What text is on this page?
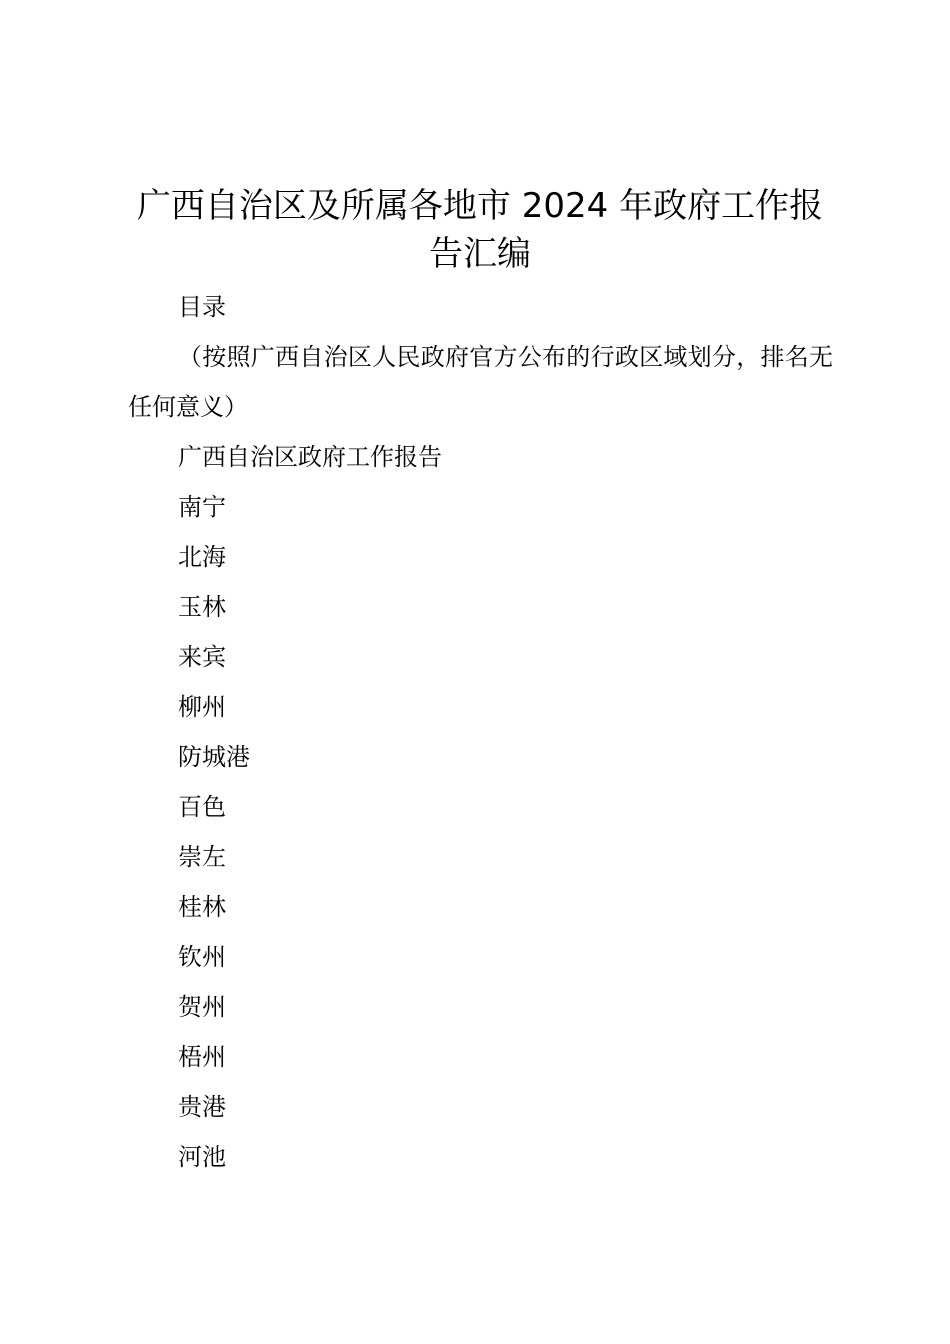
广西自治区及所属各地市 2024 年政府工作报告汇编

目录

（按照广西自治区人民政府官方公布的行政区域划分，排名无任何意义）

广西自治区政府工作报告
南宁
北海
玉林
来宾
柳州
防城港
百色
崇左
桂林
钦州
贺州
梧州
贵港
河池
